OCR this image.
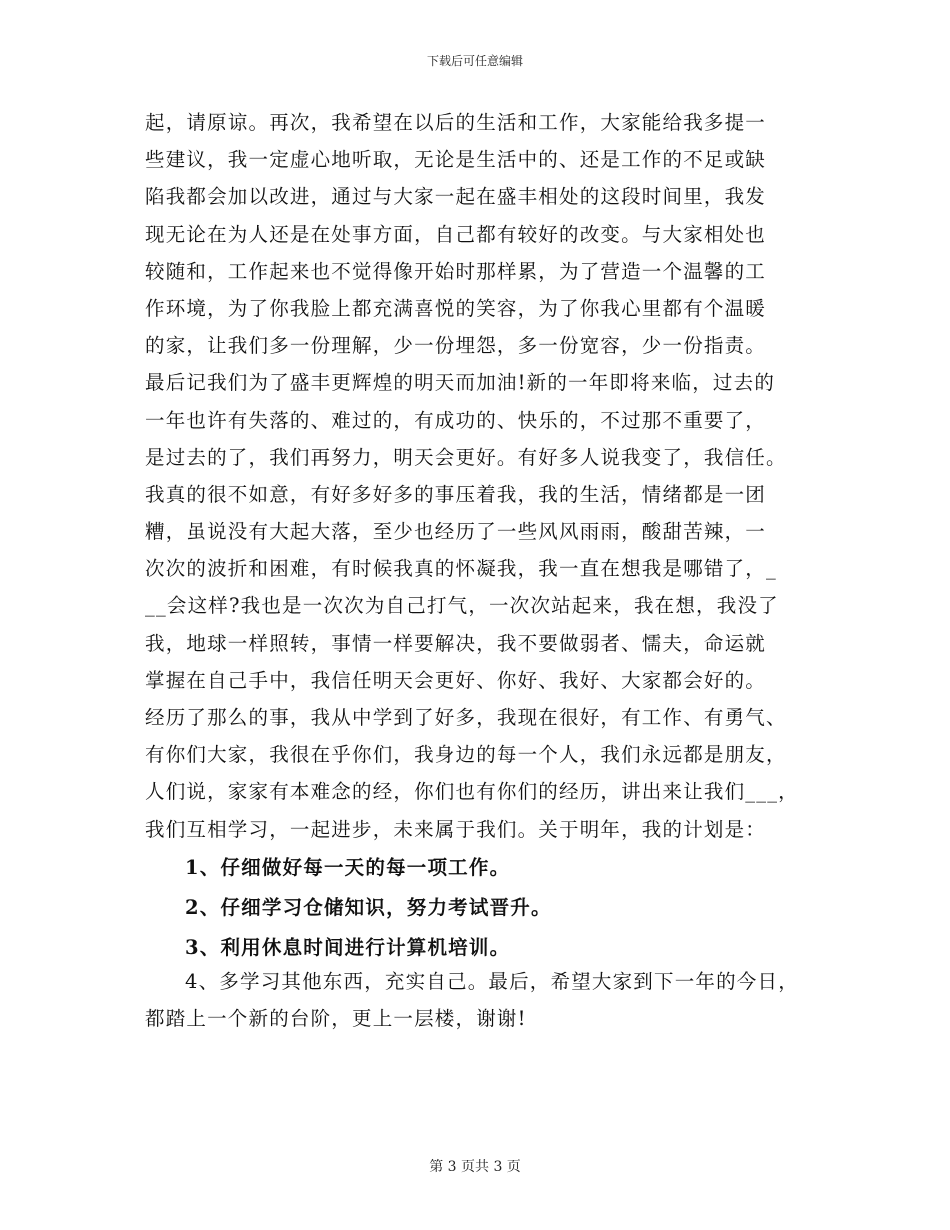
下载后可任意编辑
起，请原谅。再次，我希望在以后的生活和工作，大家能给我多提一
些建议，我一定虚心地听取，无论是生活中的、还是工作的不足或缺
陷我都会加以改进，通过与大家一起在盛丰相处的这段时间里，我发
现无论在为人还是在处事方面，自己都有较好的改变。与大家相处也
较随和，工作起来也不觉得像开始时那样累，为了营造一个温馨的工
作环境，为了你我脸上都充满喜悦的笑容，为了你我心里都有个温暖
的家，让我们多一份理解，少一份埋怨，多一份宽容，少一份指责。
最后记我们为了盛丰更辉煌的明天而加油!新的一年即将来临，过去的
一年也许有失落的、难过的，有成功的、快乐的，不过那不重要了，
是过去的了，我们再努力，明天会更好。有好多人说我变了，我信任。
我真的很不如意，有好多好多的事压着我，我的生活，情绪都是一团
糟，虽说没有大起大落，至少也经历了一些风风雨雨，酸甜苦辣，一
次次的波折和困难，有时候我真的怀凝我，我一直在想我是哪错了，_
__会这样?我也是一次次为自己打气，一次次站起来，我在想，我没了
我，地球一样照转，事情一样要解决，我不要做弱者、懦夫，命运就
掌握在自己手中，我信任明天会更好、你好、我好、大家都会好的。
经历了那么的事，我从中学到了好多，我现在很好，有工作、有勇气、
有你们大家，我很在乎你们，我身边的每一个人，我们永远都是朋友，
人们说，家家有本难念的经，你们也有你们的经历，讲出来让我们___，
我们互相学习，一起进步，未来属于我们。关于明年，我的计划是：
1、仔细做好每一天的每一项工作。
2、仔细学习仓储知识，努力考试晋升。
3、利用休息时间进行计算机培训。
4、多学习其他东西，充实自己。最后，希望大家到下一年的今日，
都踏上一个新的台阶，更上一层楼，谢谢!
第 3 页共 3 页
